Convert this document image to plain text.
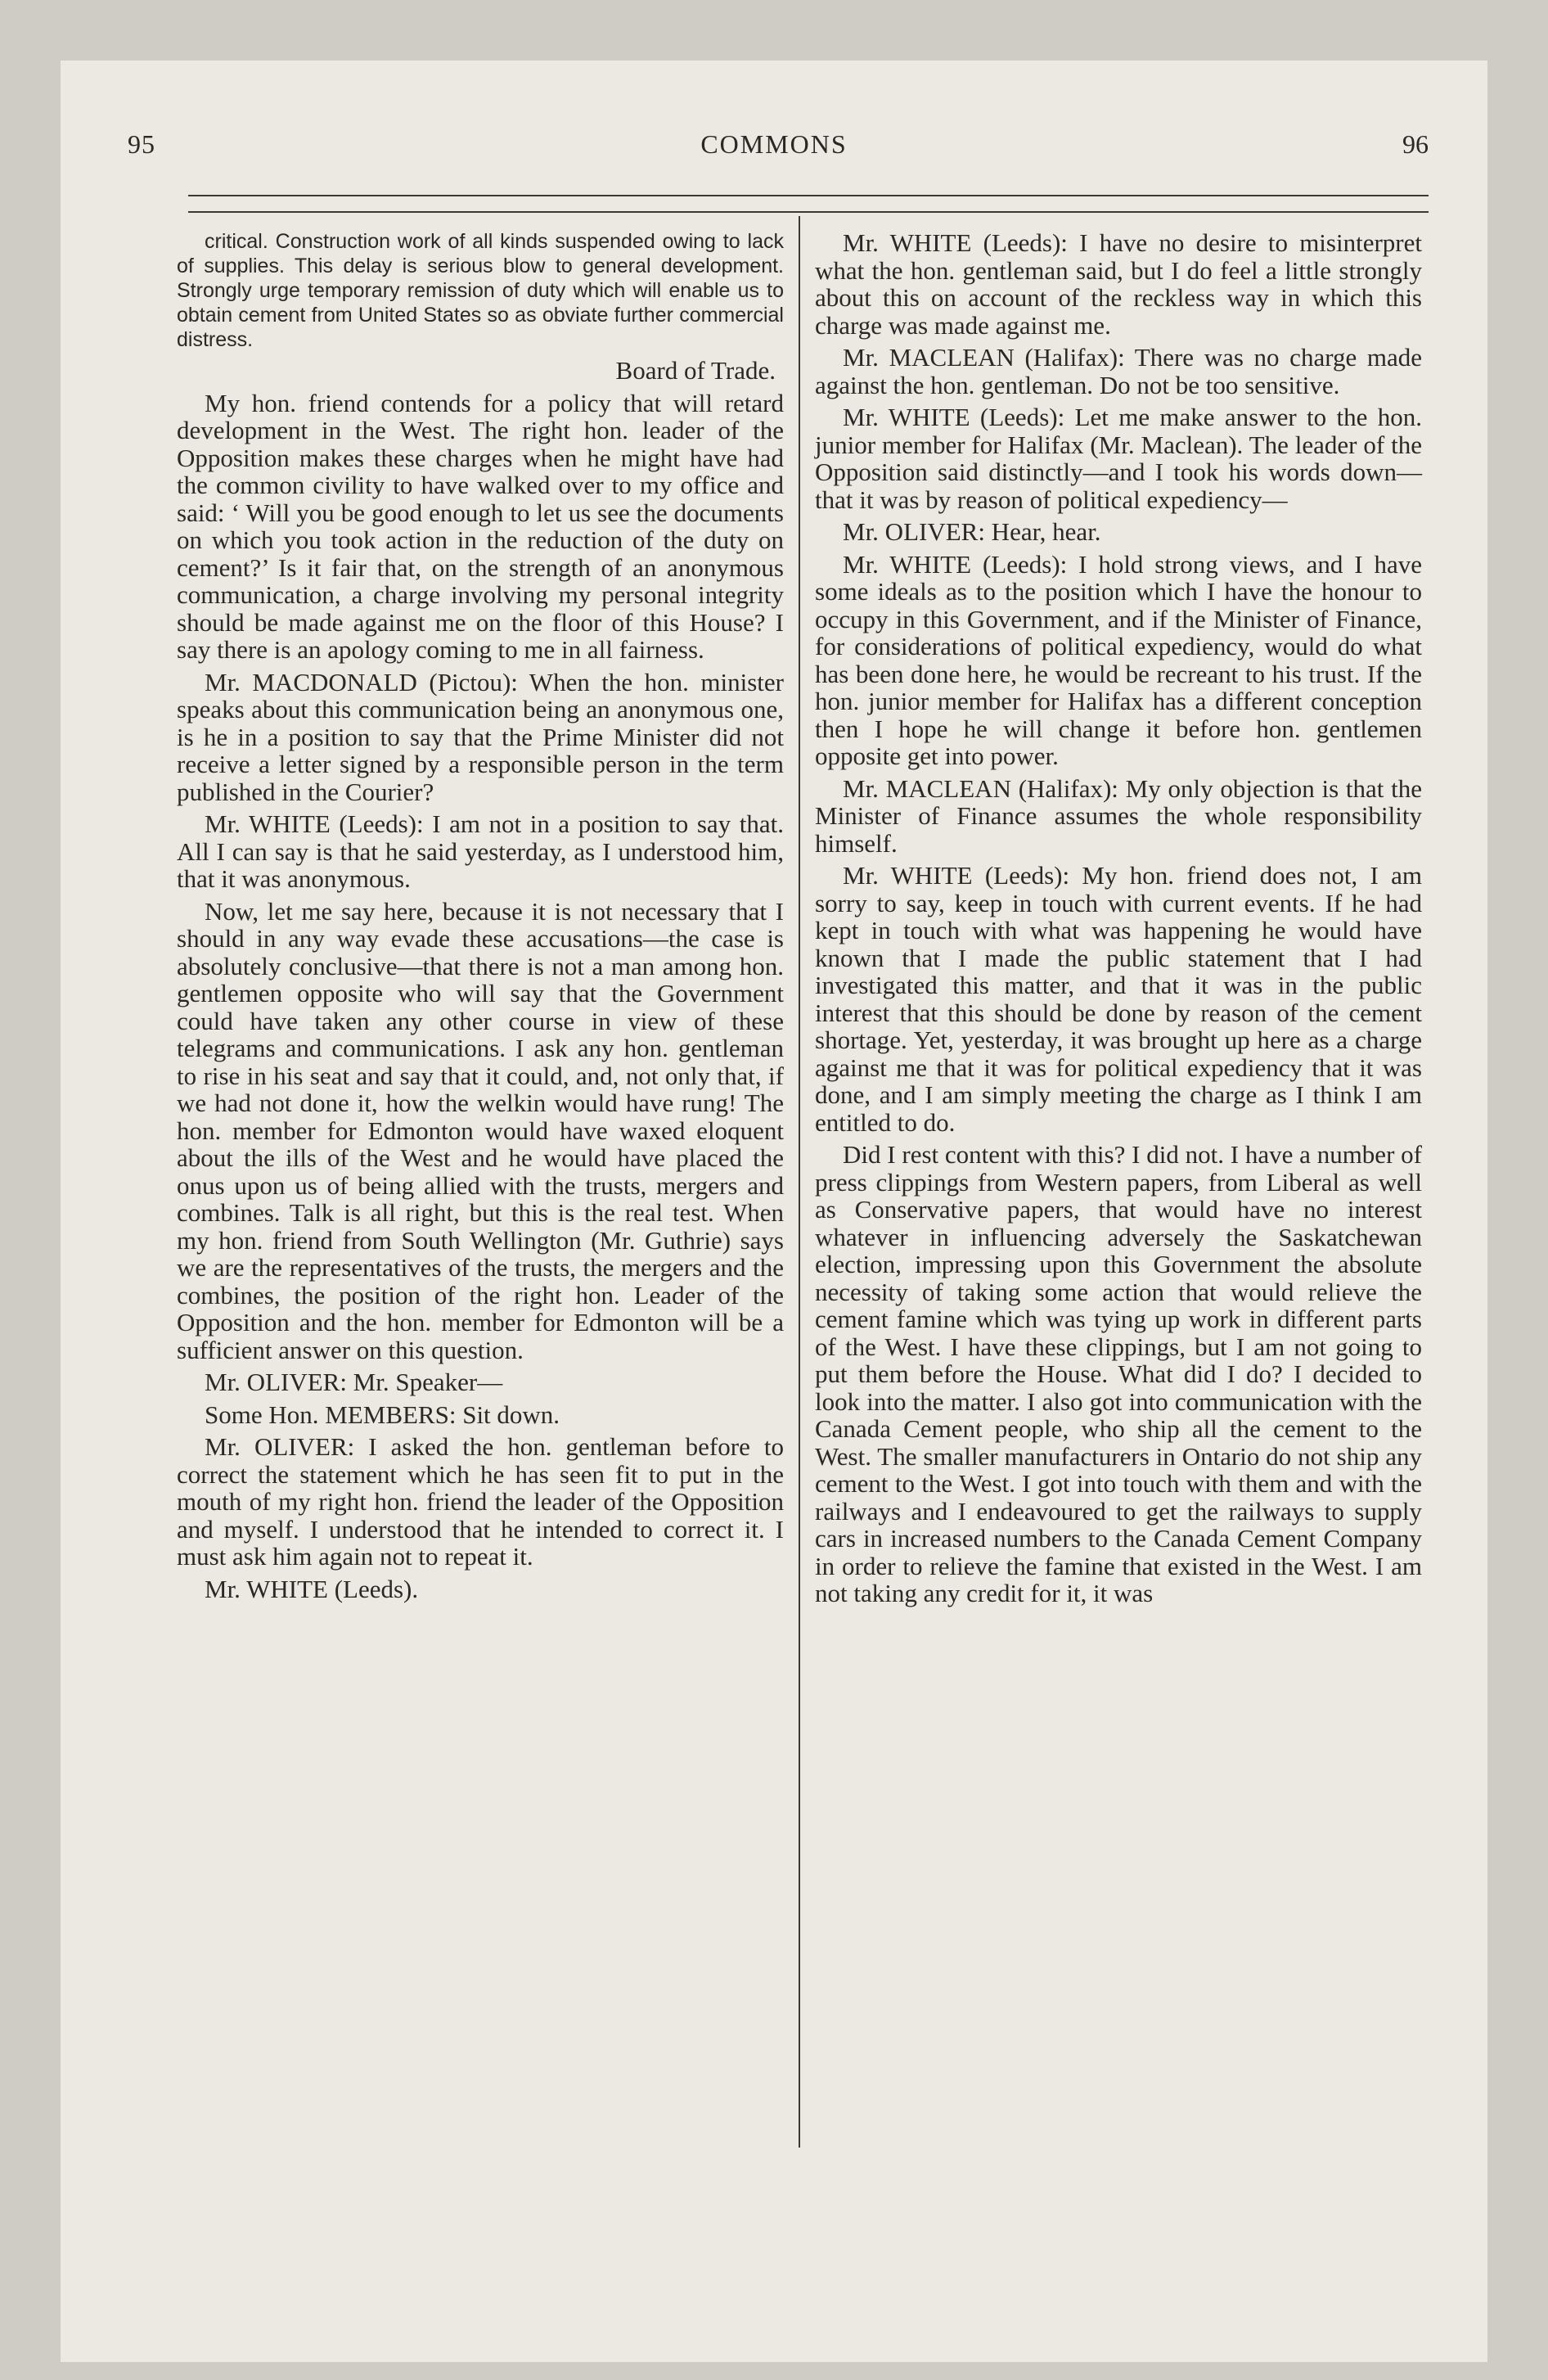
95	COMMONS	96

critical. Construction work of all kinds suspended owing to lack of supplies. This delay is serious blow to general development. Strongly urge temporary remission of duty which will enable us to obtain cement from United States so as obviate further commercial distress.

Board of Trade.

My hon. friend contends for a policy that will retard development in the West. The right hon. leader of the Opposition makes these charges when he might have had the common civility to have walked over to my office and said: ‘ Will you be good enough to let us see the documents on which you took action in the reduction of the duty on cement?’ Is it fair that, on the strength of an anonymous communication, a charge involving my personal integrity should be made against me on the floor of this House? I say there is an apology coming to me in all fairness.

Mr. MACDONALD (Pictou): When the hon. minister speaks about this communication being an anonymous one, is he in a position to say that the Prime Minister did not receive a letter signed by a responsible person in the term published in the Courier?

Mr. WHITE (Leeds): I am not in a position to say that. All I can say is that he said yesterday, as I understood him, that it was anonymous.

Now, let me say here, because it is not necessary that I should in any way evade these accusations—the case is absolutely conclusive—that there is not a man among hon. gentlemen opposite who will say that the Government could have taken any other course in view of these telegrams and communications. I ask any hon. gentleman to rise in his seat and say that it could, and, not only that, if we had not done it, how the welkin would have rung! The hon. member for Edmonton would have waxed eloquent about the ills of the West and he would have placed the onus upon us of being allied with the trusts, mergers and combines. Talk is all right, but this is the real test. When my hon. friend from South Wellington (Mr. Guthrie) says we are the representatives of the trusts, the mergers and the combines, the position of the right hon. Leader of the Opposition and the hon. member for Edmonton will be a sufficient answer on this question.

Mr. OLIVER: Mr. Speaker—

Some Hon. MEMBERS: Sit down.

Mr. OLIVER: I asked the hon. gentleman before to correct the statement which he has seen fit to put in the mouth of my right hon. friend the leader of the Opposition and myself. I understood that he intended to correct it. I must ask him again not to repeat it.

Mr. WHITE (Leeds).

Mr. WHITE (Leeds): I have no desire to misinterpret what the hon. gentleman said, but I do feel a little strongly about this on account of the reckless way in which this charge was made against me.

Mr. MACLEAN (Halifax): There was no charge made against the hon. gentleman. Do not be too sensitive.

Mr. WHITE (Leeds): Let me make answer to the hon. junior member for Halifax (Mr. Maclean). The leader of the Opposition said distinctly—and I took his words down—that it was by reason of political expediency—

Mr. OLIVER: Hear, hear.

Mr. WHITE (Leeds): I hold strong views, and I have some ideals as to the position which I have the honour to occupy in this Government, and if the Minister of Finance, for considerations of political expediency, would do what has been done here, he would be recreant to his trust. If the hon. junior member for Halifax has a different conception then I hope he will change it before hon. gentlemen opposite get into power.

Mr. MACLEAN (Halifax): My only objection is that the Minister of Finance assumes the whole responsibility himself.

Mr. WHITE (Leeds): My hon. friend does not, I am sorry to say, keep in touch with current events. If he had kept in touch with what was happening he would have known that I made the public statement that I had investigated this matter, and that it was in the public interest that this should be done by reason of the cement shortage. Yet, yesterday, it was brought up here as a charge against me that it was for political expediency that it was done, and I am simply meeting the charge as I think I am entitled to do.

Did I rest content with this? I did not. I have a number of press clippings from Western papers, from Liberal as well as Conservative papers, that would have no interest whatever in influencing adversely the Saskatchewan election, impressing upon this Government the absolute necessity of taking some action that would relieve the cement famine which was tying up work in different parts of the West. I have these clippings, but I am not going to put them before the House. What did I do? I decided to look into the matter. I also got into communication with the Canada Cement people, who ship all the cement to the West. The smaller manufacturers in Ontario do not ship any cement to the West. I got into touch with them and with the railways and I endeavoured to get the railways to supply cars in increased numbers to the Canada Cement Company in order to relieve the famine that existed in the West. I am not taking any credit for it, it was
